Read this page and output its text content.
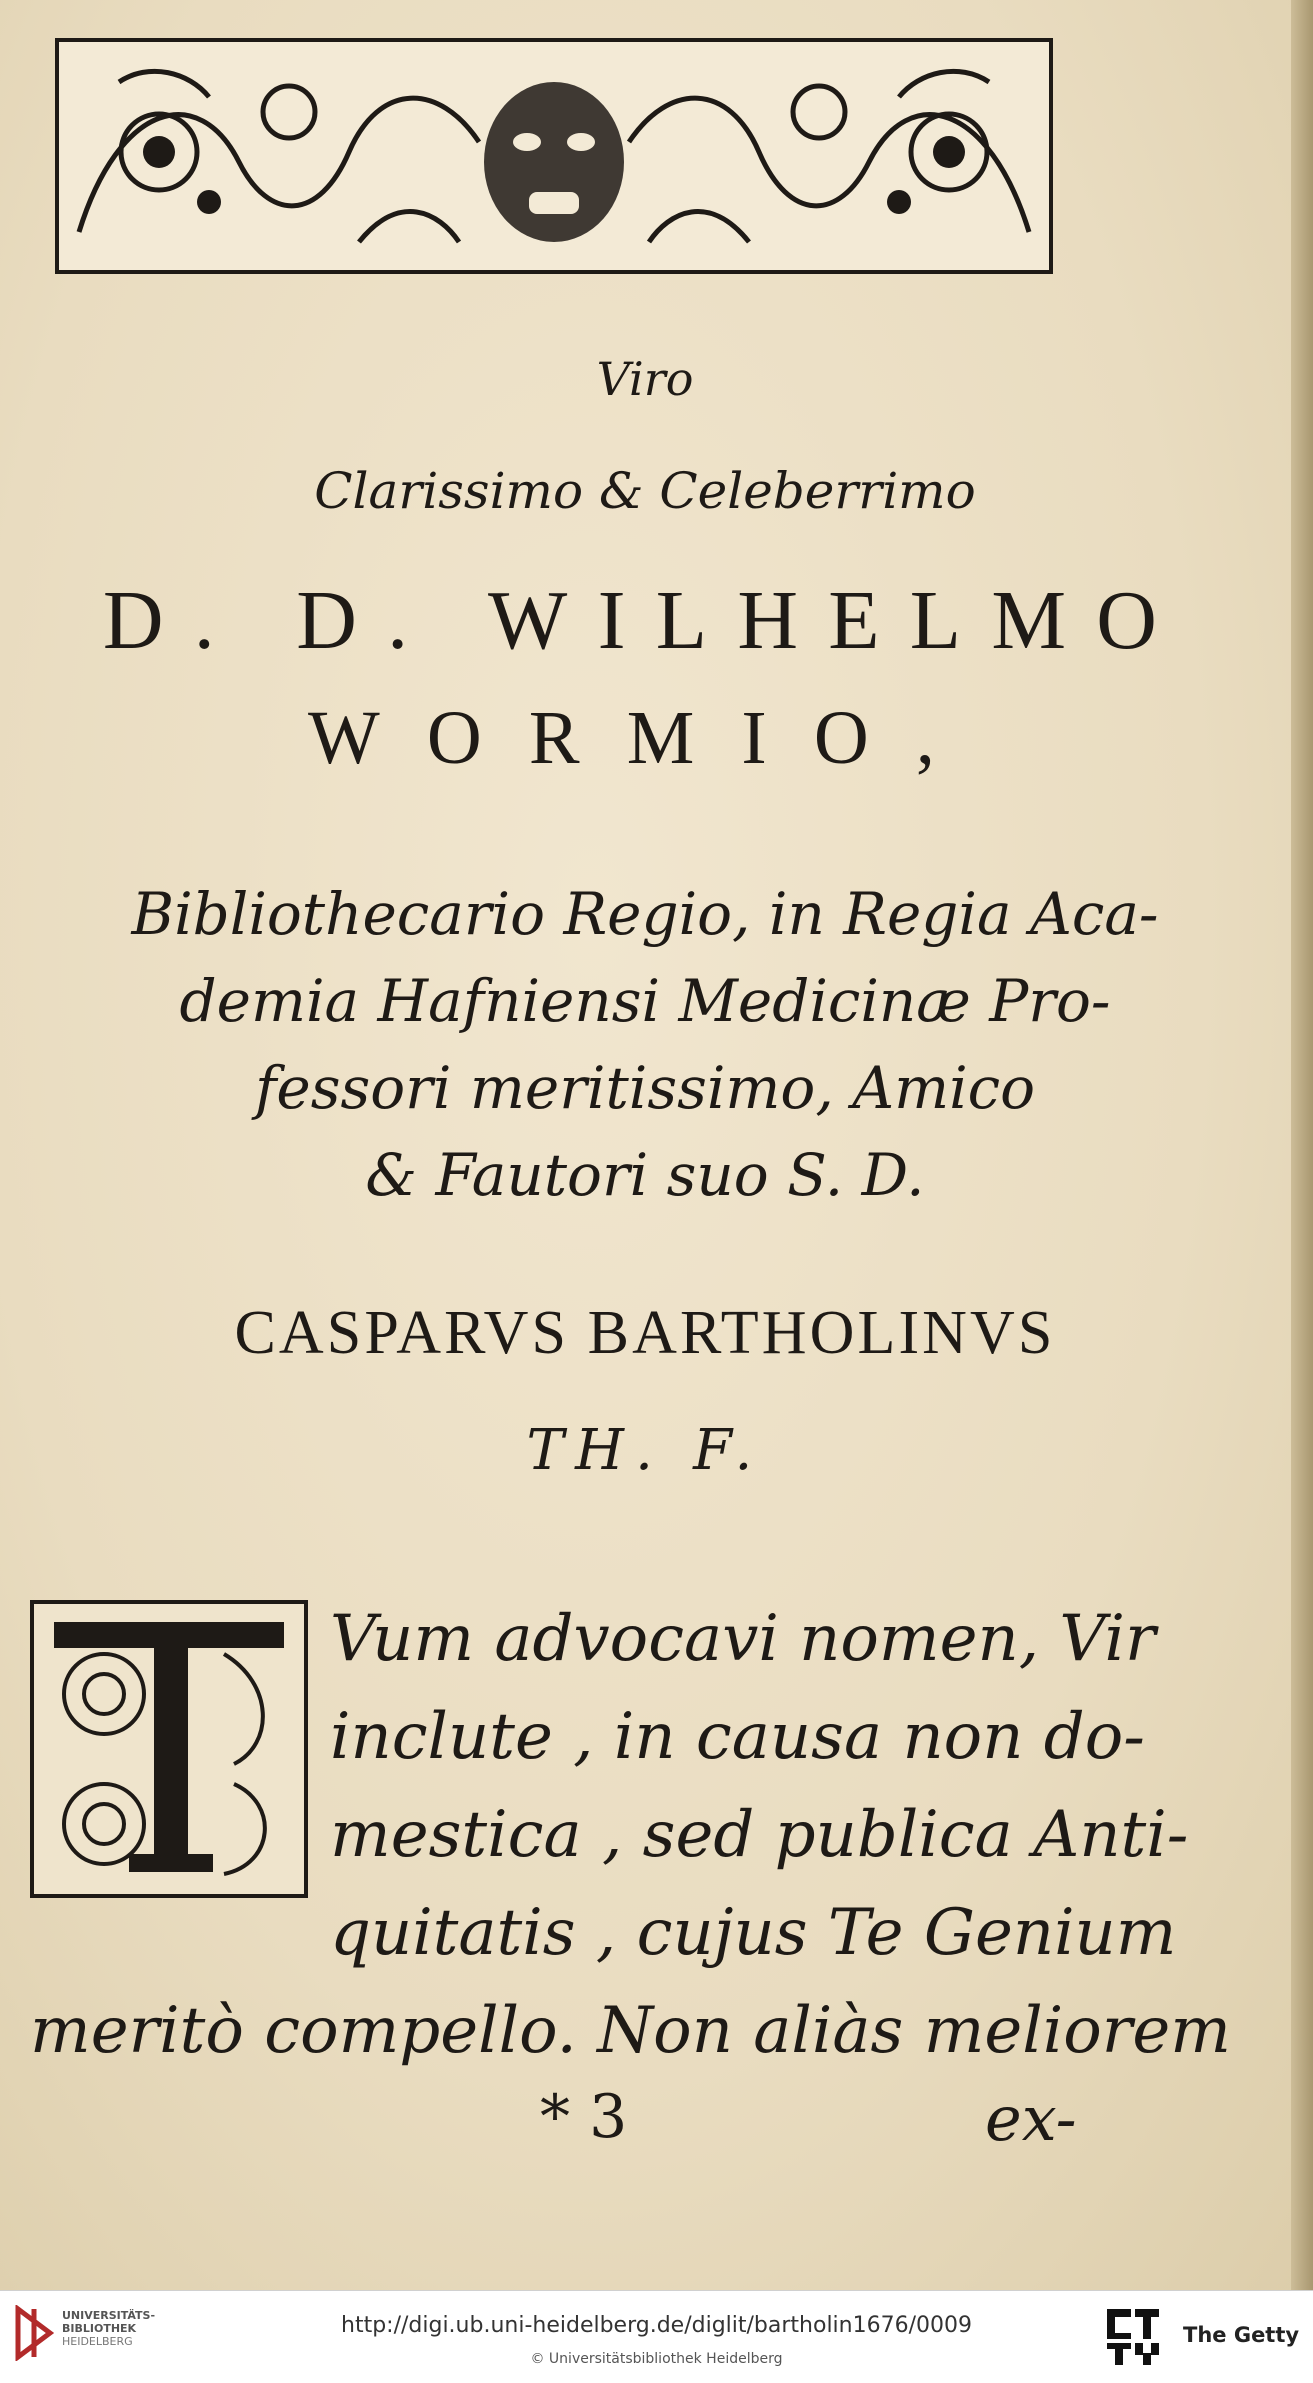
Viro
Clarissimo & Celeberrimo
D. D. WILHELMO
WORMIO,
Bibliothecario Regio, in Regia Aca-
demia Hafniensi Medicinæ Pro-
fessori meritissimo, Amico
& Fautori suo S. D.
CASPARVS BARTHOLINVS
TH. F.
Vum advocavi nomen, Vir
inclute , in causa non do-
mestica , sed publica Anti-
quitatis , cujus Te Genium
meritò compello. Non aliàs meliorem
* 3	ex-
UNIVERSITÄTS-
BIBLIOTHEK
HEIDELBERG
http://digi.ub.uni-heidelberg.de/diglit/bartholin1676/0009
© Universitätsbibliothek Heidelberg
The Getty
